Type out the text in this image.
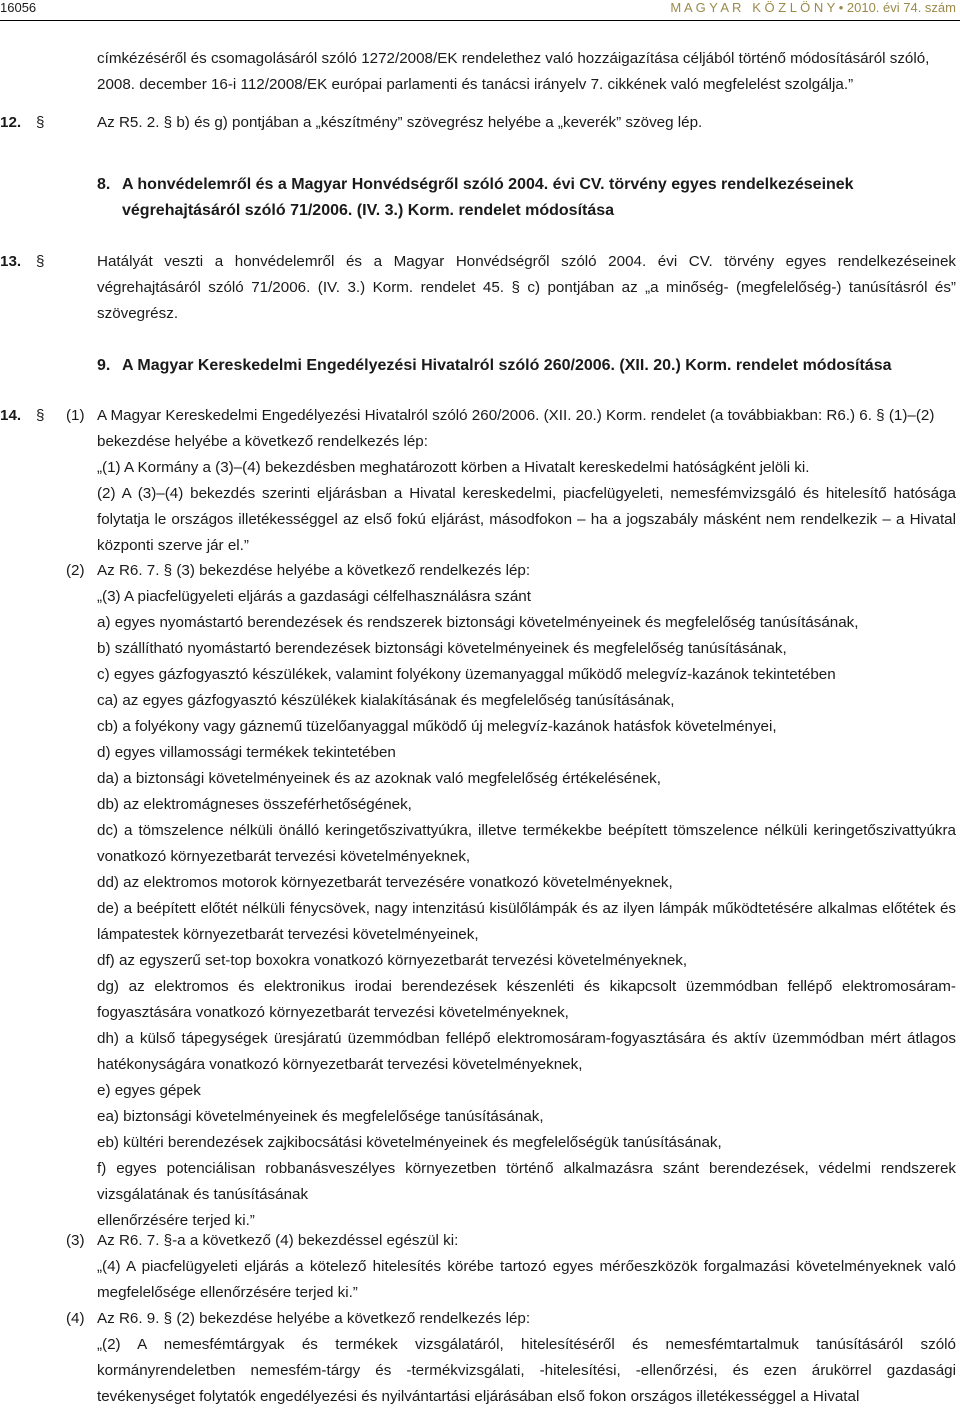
16056	M A G Y A R   K Ö Z L Ö N Y • 2010. évi 74. szám

címkézéséről és csomagolásáról szóló 1272/2008/EK rendelethez való hozzáigazítása céljából történő módosításáról szóló, 2008. december 16-i 112/2008/EK európai parlamenti és tanácsi irányelv 7. cikkének való megfelelést szolgálja.”

12. §	Az R5. 2. § b) és g) pontjában a „készítmény” szövegrész helyébe a „keverék” szöveg lép.

8. A honvédelemről és a Magyar Honvédségről szóló 2004. évi CV. törvény egyes rendelkezéseinek végrehajtásáról szóló 71/2006. (IV. 3.) Korm. rendelet módosítása

13. §	Hatályát veszti a honvédelemről és a Magyar Honvédségről szóló 2004. évi CV. törvény egyes rendelkezéseinek végrehajtásáról szóló 71/2006. (IV. 3.) Korm. rendelet 45. § c) pontjában az „a minőség- (megfelelőség-) tanúsításról és” szövegrész.

9. A Magyar Kereskedelmi Engedélyezési Hivatalról szóló 260/2006. (XII. 20.) Korm. rendelet módosítása

14. § (1) A Magyar Kereskedelmi Engedélyezési Hivatalról szóló 260/2006. (XII. 20.) Korm. rendelet (a továbbiakban: R6.) 6. § (1)–(2) bekezdése helyébe a következő rendelkezés lép:
„(1) A Kormány a (3)–(4) bekezdésben meghatározott körben a Hivatalt kereskedelmi hatóságként jelöli ki.
(2) A (3)–(4) bekezdés szerinti eljárásban a Hivatal kereskedelmi, piacfelügyeleti, nemesfémvizsgáló és hitelesítő hatósága folytatja le országos illetékességgel az első fokú eljárást, másodfokon – ha a jogszabály másként nem rendelkezik – a Hivatal központi szerve jár el.”

(2) Az R6. 7. § (3) bekezdése helyébe a következő rendelkezés lép:
„(3) A piacfelügyeleti eljárás a gazdasági célfelhasználásra szánt
a) egyes nyomástartó berendezések és rendszerek biztonsági követelményeinek és megfelelőség tanúsításának,
b) szállítható nyomástartó berendezések biztonsági követelményeinek és megfelelőség tanúsításának,
c) egyes gázfogyasztó készülékek, valamint folyékony üzemanyaggal működő melegvíz-kazánok tekintetében
ca) az egyes gázfogyasztó készülékek kialakításának és megfelelőség tanúsításának,
cb) a folyékony vagy gáznemű tüzelőanyaggal működő új melegvíz-kazánok hatásfok követelményei,
d) egyes villamossági termékek tekintetében
da) a biztonsági követelményeinek és az azoknak való megfelelőség értékelésének,
db) az elektromágneses összeférhetőségének,
dc) a tömszelence nélküli önálló keringetőszivattyúkra, illetve termékekbe beépített tömszelence nélküli keringetőszivattyúkra vonatkozó környezetbarát tervezési követelményeknek,
dd) az elektromos motorok környezetbarát tervezésére vonatkozó követelményeknek,
de) a beépített előtét nélküli fénycsövek, nagy intenzitású kisülőlámpák és az ilyen lámpák működtetésére alkalmas előtétek és lámpatestek környezetbarát tervezési követelményeinek,
df) az egyszerű set-top boxokra vonatkozó környezetbarát tervezési követelményeknek,
dg) az elektromos és elektronikus irodai berendezések készenléti és kikapcsolt üzemmódban fellépő elektromosáram-fogyasztására vonatkozó környezetbarát tervezési követelményeknek,
dh) a külső tápegységek üresjáratú üzemmódban fellépő elektromosáram-fogyasztására és aktív üzemmódban mért átlagos hatékonyságára vonatkozó környezetbarát tervezési követelményeknek,
e) egyes gépek
ea) biztonsági követelményeinek és megfelelősége tanúsításának,
eb) kültéri berendezések zajkibocsátási követelményeinek és megfelelőségük tanúsításának,
f) egyes potenciálisan robbanásveszélyes környezetben történő alkalmazásra szánt berendezések, védelmi rendszerek vizsgálatának és tanúsításának
ellenőrzésére terjed ki.”

(3) Az R6. 7. §-a a következő (4) bekezdéssel egészül ki:
„(4) A piacfelügyeleti eljárás a kötelező hitelesítés körébe tartozó egyes mérőeszközök forgalmazási követelményeknek való megfelelősége ellenőrzésére terjed ki.”

(4) Az R6. 9. § (2) bekezdése helyébe a következő rendelkezés lép:
„(2) A nemesfémtárgyak és termékek vizsgálatáról, hitelesítéséről és nemesfémtartalmuk tanúsításáról szóló kormányrendeletben nemesfém-tárgy és -termékvizsgálati, -hitelesítési, -ellenőrzési, és ezen árukörrel gazdasági tevékenységet folytatók engedélyezési és nyilvántartási eljárásában első fokon országos illetékességgel a Hivatal
